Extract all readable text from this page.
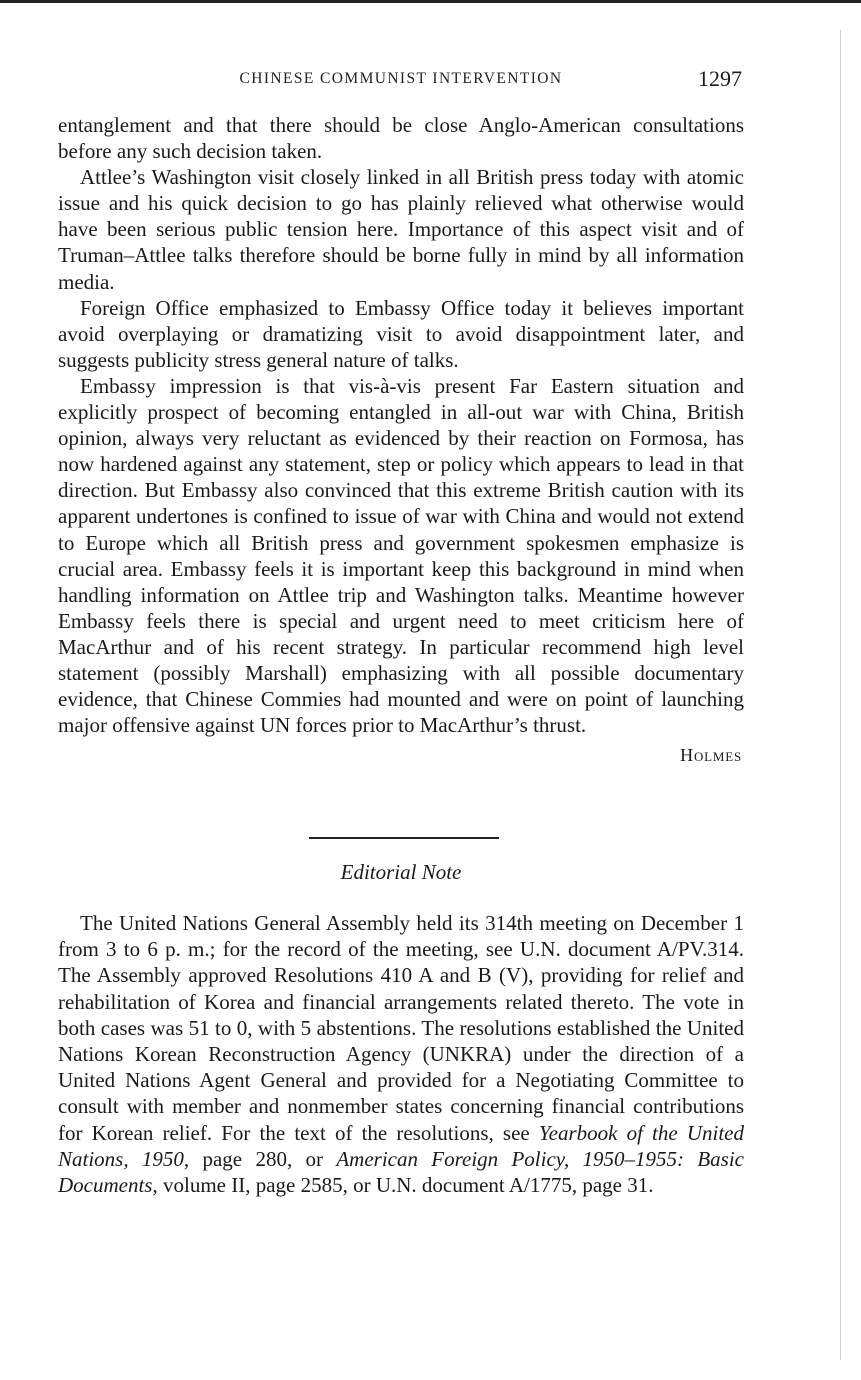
CHINESE COMMUNIST INTERVENTION	1297

entanglement and that there should be close Anglo-American consultations before any such decision taken.

Attlee’s Washington visit closely linked in all British press today with atomic issue and his quick decision to go has plainly relieved what otherwise would have been serious public tension here. Importance of this aspect visit and of Truman–Attlee talks therefore should be borne fully in mind by all information media.

Foreign Office emphasized to Embassy Office today it believes important avoid overplaying or dramatizing visit to avoid disappointment later, and suggests publicity stress general nature of talks.

Embassy impression is that vis-à-vis present Far Eastern situation and explicitly prospect of becoming entangled in all-out war with China, British opinion, always very reluctant as evidenced by their reaction on Formosa, has now hardened against any statement, step or policy which appears to lead in that direction. But Embassy also convinced that this extreme British caution with its apparent undertones is confined to issue of war with China and would not extend to Europe which all British press and government spokesmen emphasize is crucial area. Embassy feels it is important keep this background in mind when handling information on Attlee trip and Washington talks. Meantime however Embassy feels there is special and urgent need to meet criticism here of MacArthur and of his recent strategy. In particular recommend high level statement (possibly Marshall) emphasizing with all possible documentary evidence, that Chinese Commies had mounted and were on point of launching major offensive against UN forces prior to MacArthur’s thrust.

Holmes
Editorial Note

The United Nations General Assembly held its 314th meeting on December 1 from 3 to 6 p. m.; for the record of the meeting, see U.N. document A/PV.314. The Assembly approved Resolutions 410 A and B (V), providing for relief and rehabilitation of Korea and financial arrangements related thereto. The vote in both cases was 51 to 0, with 5 abstentions. The resolutions established the United Nations Korean Reconstruction Agency (UNKRA) under the direction of a United Nations Agent General and provided for a Negotiating Committee to consult with member and nonmember states concerning financial contributions for Korean relief. For the text of the resolutions, see Yearbook of the United Nations, 1950, page 280, or American Foreign Policy, 1950–1955: Basic Documents, volume II, page 2585, or U.N. document A/1775, page 31.
